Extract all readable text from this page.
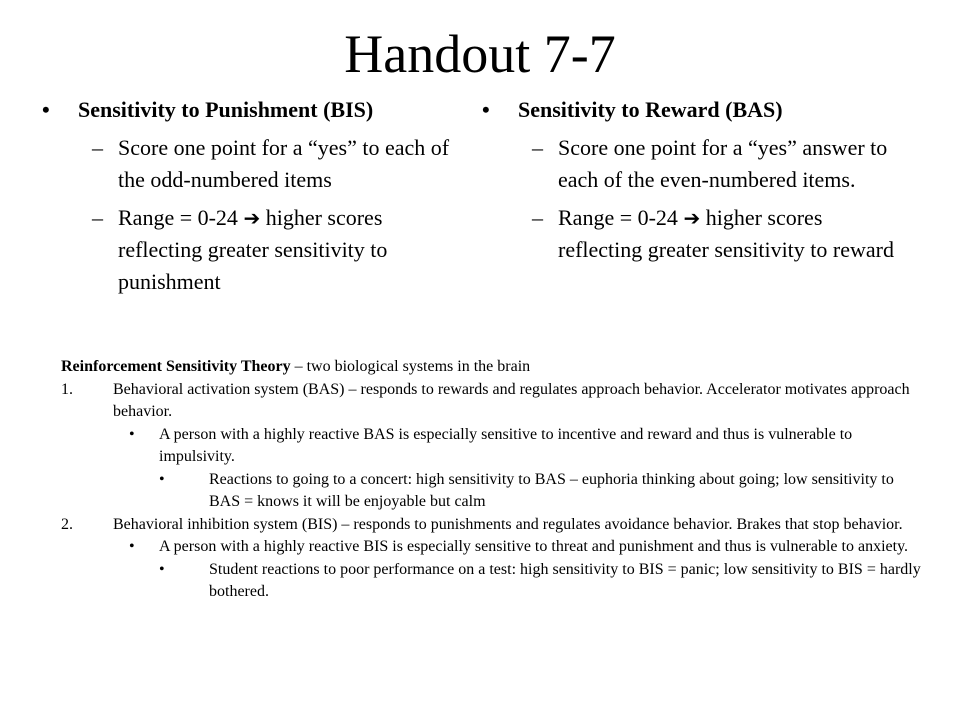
Handout 7-7
• Sensitivity to Punishment (BIS)
– Score one point for a “yes” to each of the odd-numbered items
– Range = 0-24 ➔ higher scores reflecting greater sensitivity to punishment
• Sensitivity to Reward (BAS)
– Score one point for a “yes” answer to each of the even-numbered items.
– Range = 0-24 ➔ higher scores reflecting greater sensitivity to reward
Reinforcement Sensitivity Theory – two biological systems in the brain
1.	Behavioral activation system (BAS) – responds to rewards and regulates approach behavior. Accelerator motivates approach behavior.
• A person with a highly reactive BAS is especially sensitive to incentive and reward and thus is vulnerable to impulsivity.
•	Reactions to going to a concert: high sensitivity to BAS – euphoria thinking about going; low sensitivity to BAS = knows it will be enjoyable but calm
2.	Behavioral inhibition system (BIS) – responds to punishments and regulates avoidance behavior. Brakes that stop behavior.
• A person with a highly reactive BIS is especially sensitive to threat and punishment and thus is vulnerable to anxiety.
•	Student reactions to poor performance on a test: high sensitivity to BIS = panic; low sensitivity to BIS = hardly bothered.
